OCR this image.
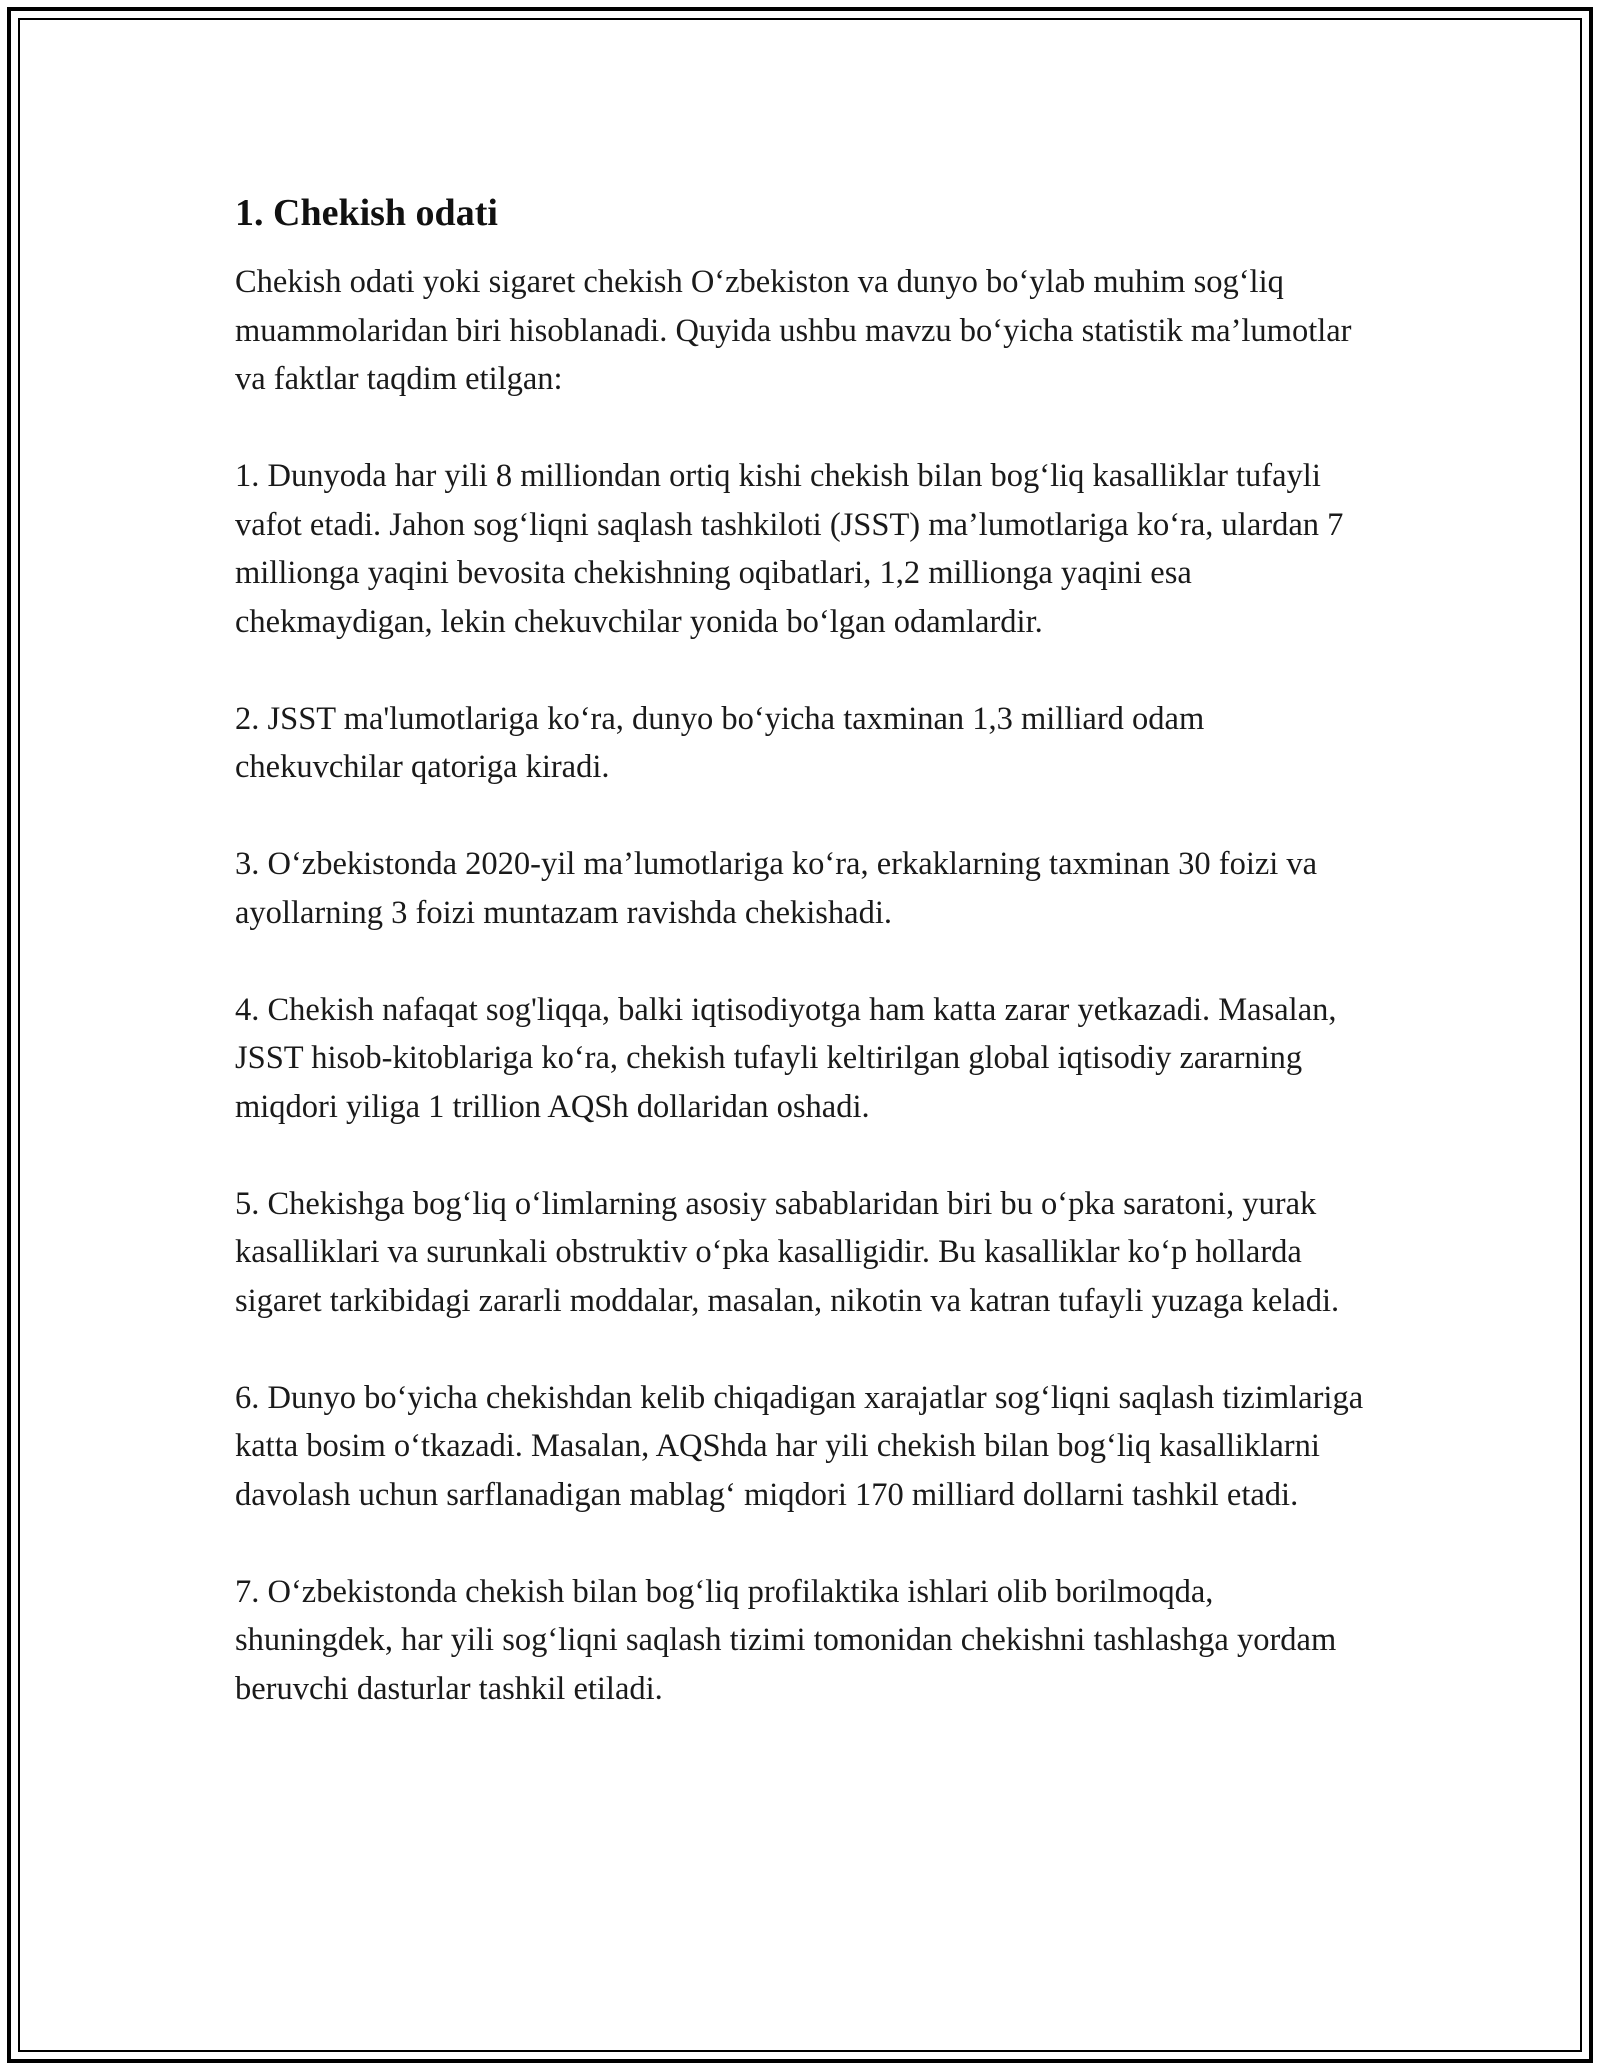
1. Chekish odati

Chekish odati yoki sigaret chekish O‘zbekiston va dunyo bo‘ylab muhim sog‘liq muammolaridan biri hisoblanadi. Quyida ushbu mavzu bo‘yicha statistik ma’lumotlar va faktlar taqdim etilgan:

1. Dunyoda har yili 8 milliondan ortiq kishi chekish bilan bog‘liq kasalliklar tufayli vafot etadi. Jahon sog‘liqni saqlash tashkiloti (JSST) ma’lumotlariga ko‘ra, ulardan 7 millionga yaqini bevosita chekishning oqibatlari, 1,2 millionga yaqini esa chekmaydigan, lekin chekuvchilar yonida bo‘lgan odamlardir.

2. JSST ma'lumotlariga ko‘ra, dunyo bo‘yicha taxminan 1,3 milliard odam chekuvchilar qatoriga kiradi.

3. O‘zbekistonda 2020-yil ma’lumotlariga ko‘ra, erkaklarning taxminan 30 foizi va ayollarning 3 foizi muntazam ravishda chekishadi.

4. Chekish nafaqat sog'liqqa, balki iqtisodiyotga ham katta zarar yetkazadi. Masalan, JSST hisob-kitoblariga ko‘ra, chekish tufayli keltirilgan global iqtisodiy zararning miqdori yiliga 1 trillion AQSh dollaridan oshadi.

5. Chekishga bog‘liq o‘limlarning asosiy sabablaridan biri bu o‘pka saratoni, yurak kasalliklari va surunkali obstruktiv o‘pka kasalligidir. Bu kasalliklar ko‘p hollarda sigaret tarkibidagi zararli moddalar, masalan, nikotin va katran tufayli yuzaga keladi.

6. Dunyo bo‘yicha chekishdan kelib chiqadigan xarajatlar sog‘liqni saqlash tizimlariga katta bosim o‘tkazadi. Masalan, AQShda har yili chekish bilan bog‘liq kasalliklarni davolash uchun sarflanadigan mablag‘ miqdori 170 milliard dollarni tashkil etadi.

7. O‘zbekistonda chekish bilan bog‘liq profilaktika ishlari olib borilmoqda, shuningdek, har yili sog‘liqni saqlash tizimi tomonidan chekishni tashlashga yordam beruvchi dasturlar tashkil etiladi.
